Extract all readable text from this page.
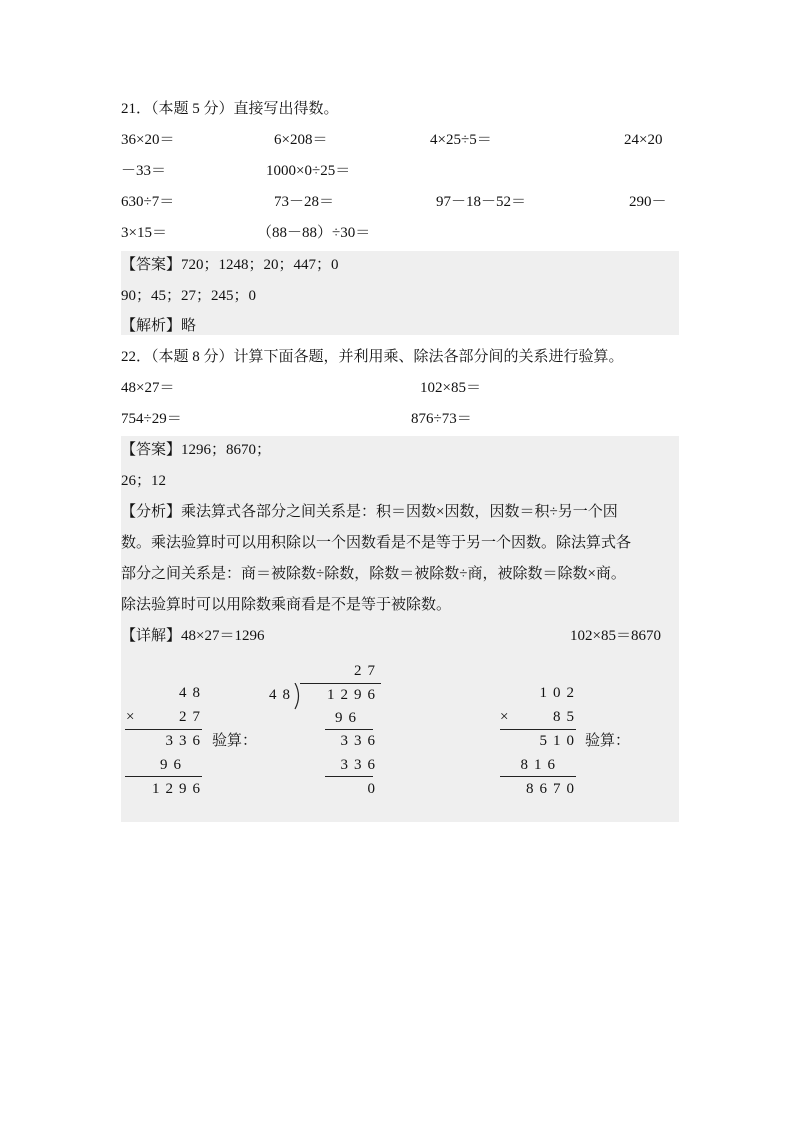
21．（本题 5 分）直接写出得数。
36×20＝	6×208＝	4×25÷5＝	24×20
－33＝	1000×0÷25＝
630÷7＝	73－28＝	97－18－52＝	290－
3×15＝	（88－88）÷30＝
【答案】720；1248；20；447；0
90；45；27；245；0
【解析】略
22．（本题 8 分）计算下面各题，并利用乘、除法各部分间的关系进行验算。
48×27＝	102×85＝
754÷29＝	876÷73＝
【答案】1296；8670；
26；12
【分析】乘法算式各部分之间关系是：积＝因数×因数，因数＝积÷另一个因
数。乘法验算时可以用积除以一个因数看是不是等于另一个因数。除法算式各
部分之间关系是：商＝被除数÷除数，除数＝被除数÷商，被除数＝除数×商。
除法验算时可以用除数乘商看是不是等于被除数。
【详解】48×27＝1296	102×85＝8670
48
×	27
336
96
1296
验算：
27
48	1296
96
336
336
0
102
×	85
510
816
8670
验算：
